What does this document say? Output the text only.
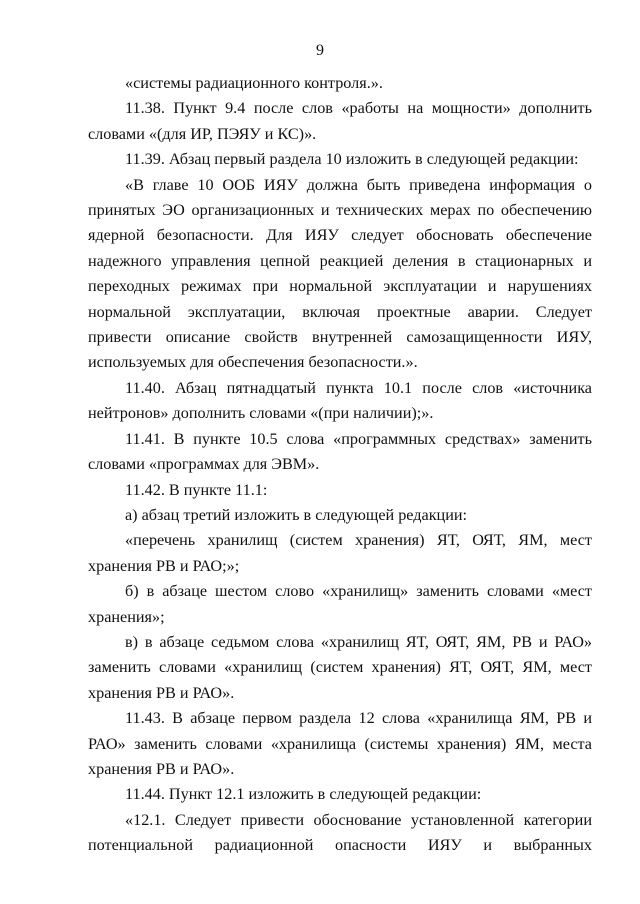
9

«системы радиационного контроля.».

11.38. Пункт 9.4 после слов «работы на мощности» дополнить словами «(для ИР, ПЭЯУ и КС)».

11.39. Абзац первый раздела 10 изложить в следующей редакции:

«В главе 10 ООБ ИЯУ должна быть приведена информация о принятых ЭО организационных и технических мерах по обеспечению ядерной безопасности. Для ИЯУ следует обосновать обеспечение надежного управления цепной реакцией деления в стационарных и переходных режимах при нормальной эксплуатации и нарушениях нормальной эксплуатации, включая проектные аварии. Следует привести описание свойств внутренней самозащищенности ИЯУ, используемых для обеспечения безопасности.».

11.40. Абзац пятнадцатый пункта 10.1 после слов «источника нейтронов» дополнить словами «(при наличии);».

11.41. В пункте 10.5 слова «программных средствах» заменить словами «программах для ЭВМ».

11.42. В пункте 11.1:

а) абзац третий изложить в следующей редакции:

«перечень хранилищ (систем хранения) ЯТ, ОЯТ, ЯМ, мест хранения РВ и РАО;»;

б) в абзаце шестом слово «хранилищ» заменить словами «мест хранения»;

в) в абзаце седьмом слова «хранилищ ЯТ, ОЯТ, ЯМ, РВ и РАО» заменить словами «хранилищ (систем хранения) ЯТ, ОЯТ, ЯМ, мест хранения РВ и РАО».

11.43. В абзаце первом раздела 12 слова «хранилища ЯМ, РВ и РАО» заменить словами «хранилища (системы хранения) ЯМ, места хранения РВ и РАО».

11.44. Пункт 12.1 изложить в следующей редакции:

«12.1. Следует привести обоснование установленной категории потенциальной радиационной опасности ИЯУ и выбранных
